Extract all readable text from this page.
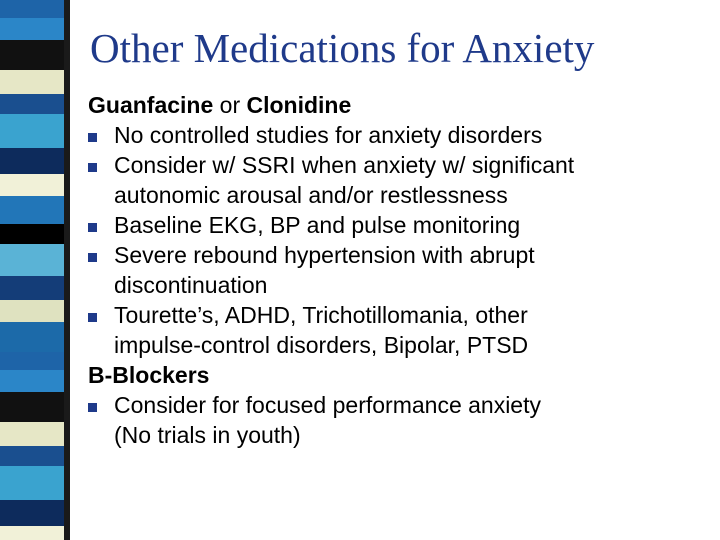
Other Medications for Anxiety
Guanfacine or Clonidine
No controlled studies for anxiety disorders
Consider w/ SSRI when anxiety w/ significant
autonomic arousal and/or restlessness
Baseline EKG, BP and pulse monitoring
Severe rebound hypertension with abrupt
discontinuation
Tourette’s, ADHD, Trichotillomania, other
impulse-control disorders, Bipolar, PTSD
B-Blockers
Consider for focused performance anxiety
(No trials in youth)
